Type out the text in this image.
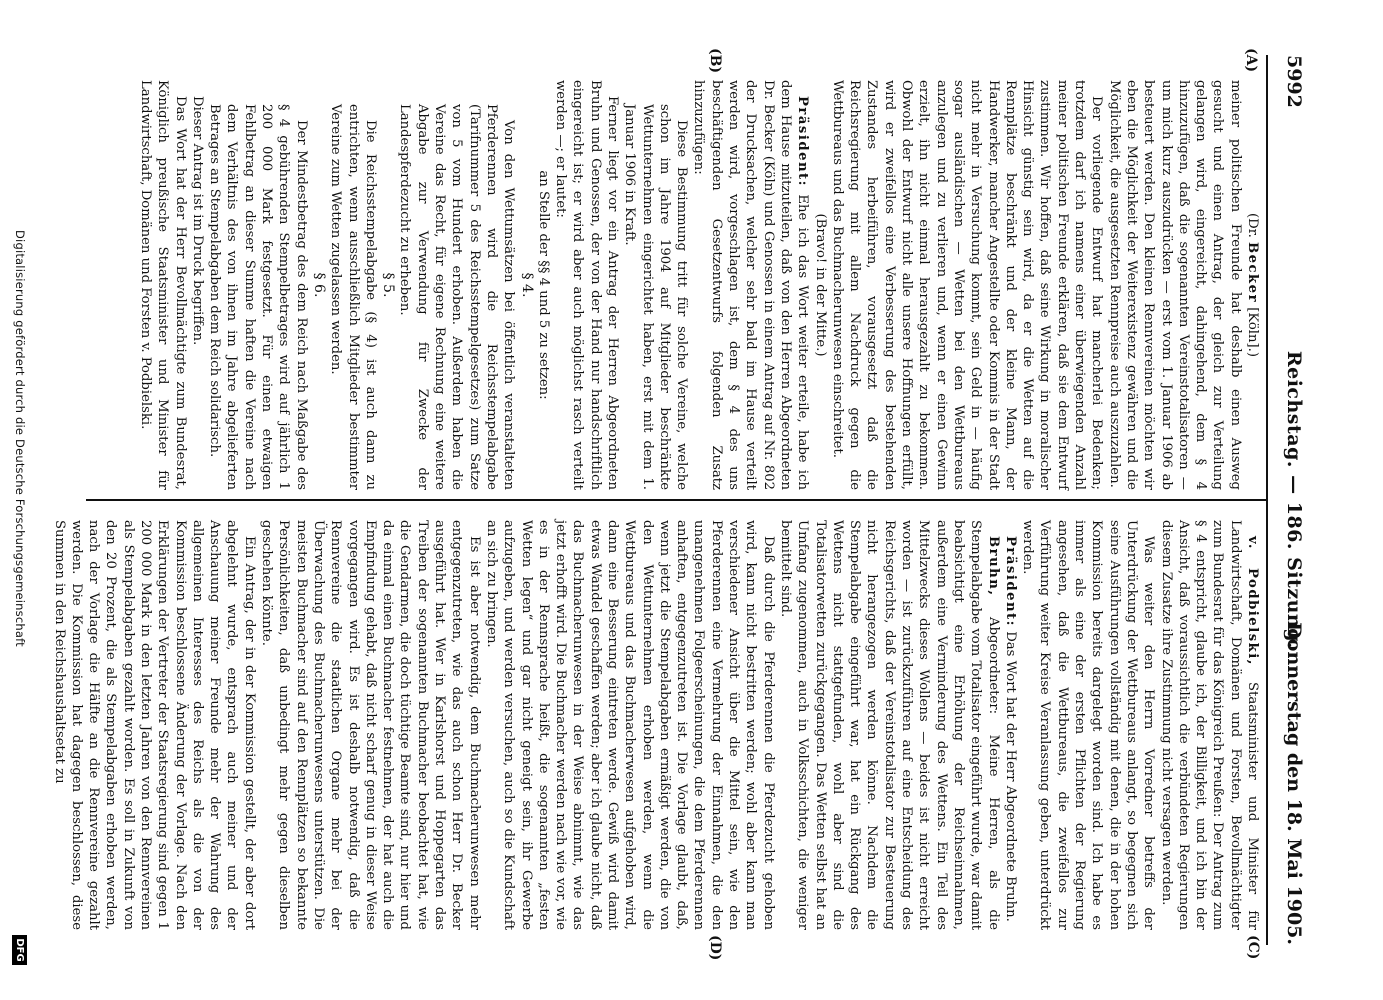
5992
Reichstag. — 186. Sitzung.
Donnerstag den 18. Mai 1905.
(A)
(B)
(C)
(D)

(Dr. Becker [Köln].)

meiner politischen Freunde hat deshalb einen Ausweg gesucht und einen Antrag, der gleich zur Verteilung gelangen wird, eingereicht, dahingehend, dem § 4 hinzuzufügen, daß die sogenannten Vereinstotalisatoren — um mich kurz auszudrücken — erst vom 1. Januar 1906 ab besteuert werden. Den kleinen Rennvereinen möchten wir eben die Möglichkeit der Weiterexistenz gewähren und die Möglichkeit, die ausgesetzten Rennpreise auch auszuzahlen.

Der vorliegende Entwurf hat mancherlei Bedenken; trotzdem darf ich namens einer überwiegenden Anzahl meiner politischen Freunde erklären, daß sie dem Entwurf zustimmen. Wir hoffen, daß seine Wirkung in moralischer Hinsicht günstig sein wird, da er die Wetten auf die Rennplätze beschränkt und der kleine Mann, der Handwerker, mancher Angestellte oder Kommis in der Stadt nicht mehr in Versuchung kommt, sein Geld in — häufig sogar ausländischen — Wetten bei den Wettbureaus anzulegen und zu verlieren und, wenn er einen Gewinn erzielt, ihn nicht einmal herausgezahlt zu bekommen. Obwohl der Entwurf nicht alle unsere Hoffnungen erfüllt, wird er zweifellos eine Verbesserung des bestehenden Zustandes herbeiführen, vorausgesetzt daß die Reichsregierung mit allem Nachdruck gegen die Wettbureaus und das Buchmacherunwesen einschreitet.

(Bravo! in der Mitte.)

Präsident: Ehe ich das Wort weiter erteile, habe ich dem Hause mitzuteilen, daß von den Herren Abgeordneten Dr. Becker (Köln) und Genossen in einem Antrag auf Nr. 802 der Drucksachen, welcher sehr bald im Hause verteilt werden wird, vorgeschlagen ist, dem § 4 des uns beschäftigenden Gesetzentwurfs folgenden Zusatz hinzuzufügen:

Diese Bestimmung tritt für solche Vereine, welche schon im Jahre 1904 auf Mitglieder beschränkte Wettunternehmen eingerichtet haben, erst mit dem 1. Januar 1906 in Kraft.

Ferner liegt vor ein Antrag der Herren Abgeordneten Bruhn und Genossen, der von der Hand nur handschriftlich eingereicht ist; er wird aber auch möglichst rasch verteilt werden —; er lautet:

an Stelle der §§ 4 und 5 zu setzen:

§ 4.

Von den Wettumsätzen bei öffentlich veranstalteten Pferderennen wird die Reichsstempelabgabe (Tarifnummer 5 des Reichsstempelgesetzes) zum Satze von 5 vom Hundert erhoben. Außerdem haben die Vereine das Recht, für eigene Rechnung eine weitere Abgabe zur Verwendung für Zwecke der Landespferdezucht zu erheben.

§ 5.

Die Reichsstempelabgabe (§ 4) ist auch dann zu entrichten, wenn ausschließlich Mitglieder bestimmter Vereine zum Wetten zugelassen werden.

§ 6.

Der Mindestbetrag des dem Reich nach Maßgabe des § 4 gebührenden Stempelbetrages wird auf jährlich 1 200 000 Mark festgesetzt. Für einen etwaigen Fehlbetrag an dieser Summe haften die Vereine nach dem Verhältnis des von ihnen im Jahre abgelieferten Betrages an Stempelabgaben dem Reich solidarisch.

Dieser Antrag ist im Druck begriffen.

Das Wort hat der Herr Bevollmächtigte zum Bundesrat, Königlich preußische Staatsminister und Minister für Landwirtschaft, Domänen und Forsten v. Podbielski.

v. Podbielski, Staatsminister und Minister für Landwirtschaft, Domänen und Forsten, Bevollmächtigter zum Bundesrat für das Königreich Preußen: Der Antrag zum § 4 entspricht, glaube ich, der Billigkeit, und ich bin der Ansicht, daß voraussichtlich die verbündeten Regierungen diesem Zusatze ihre Zustimmung nicht versagen werden.

Was weiter den Herrn Vorredner betreffs der Unterdrückung der Wettbureaus anlangt, so begegnen sich seine Ausführungen vollständig mit denen, die in der hohen Kommission bereits dargelegt worden sind. Ich habe es immer als eine der ersten Pflichten der Regierung angesehen, daß die Wettbureaus, die zweifellos zur Verführung weiter Kreise Veranlassung geben, unterdrückt werden.

Präsident: Das Wort hat der Herr Abgeordnete Bruhn.

Bruhn, Abgeordneter: Meine Herren, als die Stempelabgabe vom Totalisator eingeführt wurde, war damit beabsichtigt eine Erhöhung der Reichseinnahmen, außerdem eine Verminderung des Wettens. Ein Teil des Mittelzwecks dieses Wollens — beides ist nicht erreicht worden — ist zurückzuführen auf eine Entscheidung des Reichsgerichts, daß der Vereinstotalisator zur Besteuerung nicht herangezogen werden könne. Nachdem die Stempelabgabe eingeführt war, hat ein Rückgang des Wettens nicht stattgefunden, wohl aber sind die Totalisatorwetten zurückgegangen. Das Wetten selbst hat an Umfang zugenommen, auch in Volksschichten, die weniger bemittelt sind.

Daß durch die Pferderennen die Pferdezucht gehoben wird, kann nicht bestritten werden; wohl aber kann man verschiedener Ansicht über die Mittel sein, wie den Pferderennen eine Vermehrung der Einnahmen, die den unangenehmen Folgeerscheinungen, die dem Pferderennen anhaften, entgegenzutreten ist. Die Vorlage glaubt, daß, wenn jetzt die Stempelabgaben ermäßigt werden, die von den Wettunternehmen erhoben werden, wenn die Wettbureaus und das Buchmacherwesen aufgehoben wird, dann eine Besserung eintreten werde. Gewiß wird damit etwas Wandel geschaffen werden; aber ich glaube nicht, daß das Buchmacherunwesen in der Weise abnimmt, wie das jetzt erhofft wird. Die Buchmacher werden nach wie vor, wie es in der Rennsprache heißt, die sogenannten „festen Wetten legen“ und gar nicht geneigt sein, ihr Gewerbe aufzugeben, und werden versuchen, auch so die Kundschaft an sich zu bringen.

Es ist aber notwendig, dem Buchmacherunwesen mehr entgegenzutreten, wie das auch schon Herr Dr. Becker ausgeführt hat. Wer in Karlshorst und Hoppegarten das Treiben der sogenannten Buchmacher beobachtet hat, wie die Gendarmen, die doch tüchtige Beamte sind, nur hier und da einmal einen Buchmacher festnehmen, der hat auch die Empfindung gehabt, daß nicht scharf genug in dieser Weise vorgegangen wird. Es ist deshalb notwendig, daß die Rennvereine die staatlichen Organe mehr bei der Überwachung des Buchmacherunwesens unterstützen. Die meisten Buchmacher sind auf den Rennplätzen so bekannte Persönlichkeiten, daß unbedingt mehr gegen dieselben geschehen könnte.

Ein Antrag, der in der Kommission gestellt, der aber dort abgelehnt wurde, entsprach auch meiner und der Anschauung meiner Freunde mehr der Wahrung des allgemeinen Interesses des Reichs als die von der Kommission beschlossene Änderung der Vorlage. Nach den Erklärungen der Vertreter der Staatsregierung sind gegen 1 200 000 Mark in den letzten Jahren von den Rennvereinen als Stempelabgaben gezahlt worden. Es soll in Zukunft von den 20 Prozent, die als Stempelabgaben erhoben werden, nach der Vorlage die Hälfte an die Rennvereine gezahlt werden. Die Kommission hat dagegen beschlossen, diese Summen in den Reichshaushaltsetat zu

Digitalisierung gefördert durch die Deutsche Forschungsgemeinschaft
DFG
